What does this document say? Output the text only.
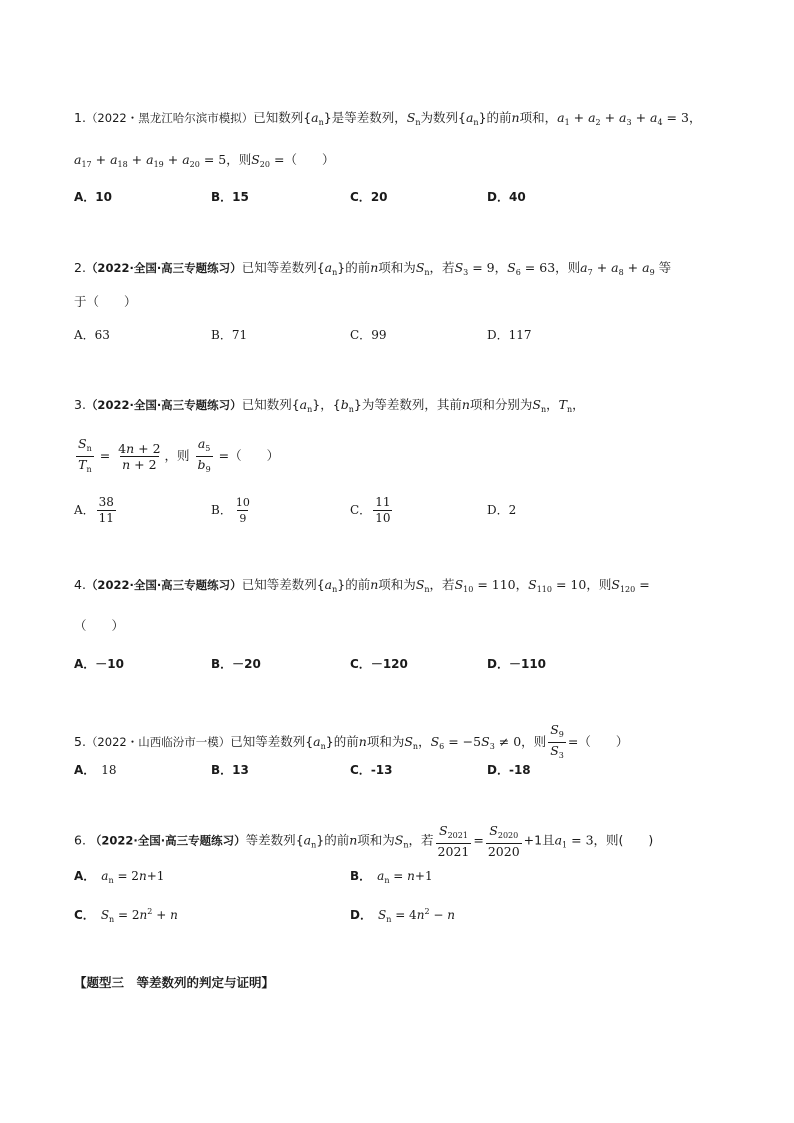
1.（2022・黑龙江哈尔滨市模拟）已知数列$\{a_n\}$是等差数列，$S_n$为数列$\{a_n\}$的前n项和，$a_1 + a_2 + a_3 + a_4 = 3$，
$a_{17} + a_{18} + a_{19} + a_{20} = 5$，则$S_{20}$ =（　　）
A．10	B．15	C．20	D．40
2.（2022·全国·高三专题练习）已知等差数列$\{a_n\}$的前n项和为$S_n$，若$S_3 = 9$，$S_6 = 63$，则$a_7 + a_8 + a_9$ 等
于（　　）
A．63	B．71	C．99	D．117
3.（2022·全国·高三专题练习）已知数列$\{a_n\}$，$\{b_n\}$为等差数列，其前n项和分别为$S_n$，$T_n$，
$\frac{S_n}{T_n} = \frac{4n + 2}{n + 2}$ ，则 $\frac{a_5}{b_9}$ =（　　）
A． $\frac{38}{11}$	B． $\frac{10}{9}$	C． $\frac{11}{10}$	D．2
4.（2022·全国·高三专题练习）已知等差数列$\{a_n\}$的前n项和为$S_n$，若$S_{10} = 110$，$S_{110} = 10$，则$S_{120}$ =
（　　）
A．－10	B．－20	C．－120	D．－110
5.（2022・山西临汾市一模）已知等差数列$\{a_n\}$的前n项和为$S_n$，$S_6 = -5S_3 \ne 0$，则 $\frac{S_9}{S_3}$ =（　　）
A． 18	B．13	C．-13	D．-18
6. （2022·全国·高三专题练习）等差数列$\{a_n\}$的前n项和为$S_n$，若 $\frac{S_{2021}}{2021} = \frac{S_{2020}}{2020} +1$且$a_1 = 3$，则(　　)
A． $a_n = 2n+1$	B． $a_n = n+1$
C． $S_n = 2n^2 + n$	D． $S_n = 4n^2 - n$
【题型三　等差数列的判定与证明】
